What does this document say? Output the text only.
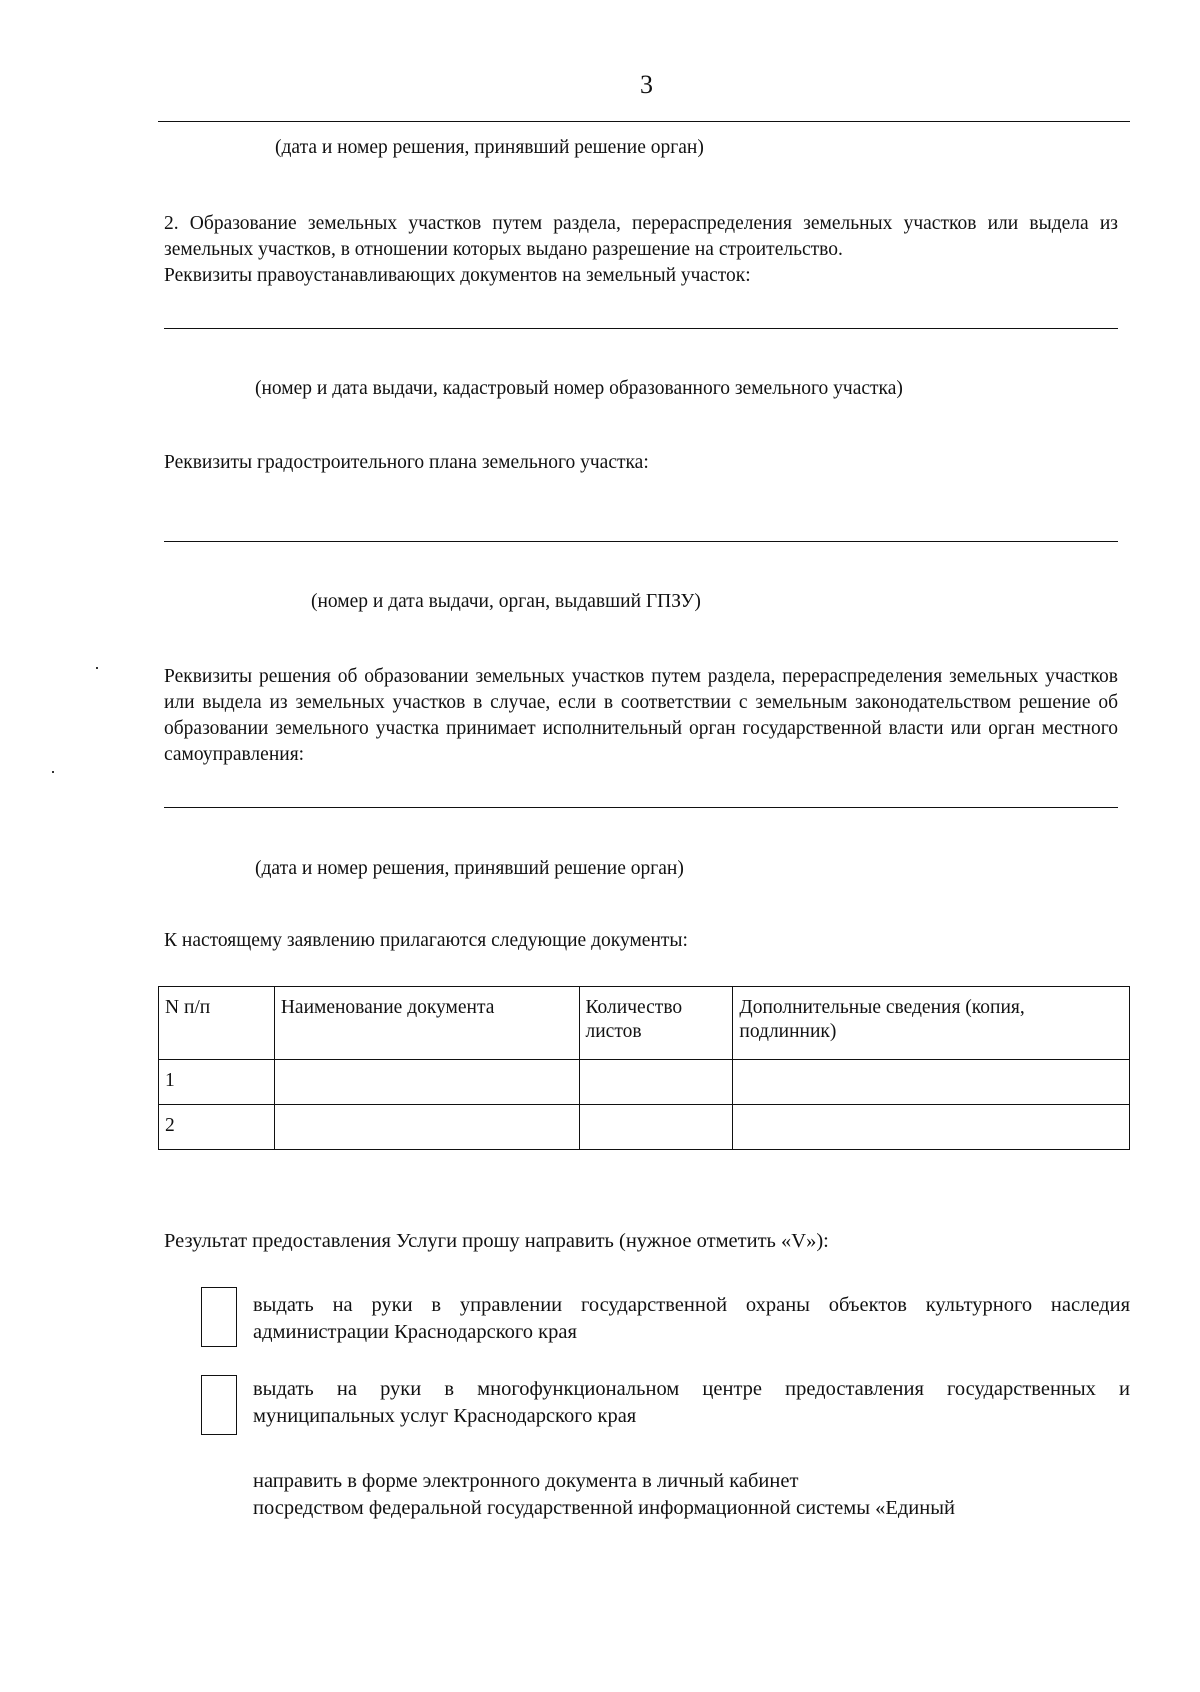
3
(дата и номер решения, принявший решение орган)
2. Образование земельных участков путем раздела, перераспределения земельных участков или выдела из земельных участков, в отношении которых выдано разрешение на строительство.
Реквизиты правоустанавливающих документов на земельный участок:
(номер и дата выдачи, кадастровый номер образованного земельного участка)
Реквизиты градостроительного плана земельного участка:
(номер и дата выдачи, орган, выдавший ГПЗУ)
Реквизиты решения об образовании земельных участков путем раздела, перераспределения земельных участков или выдела из земельных участков в случае, если в соответствии с земельным законодательством решение об образовании земельного участка принимает исполнительный орган государственной власти или орган местного самоуправления:
(дата и номер решения, принявший решение орган)
К настоящему заявлению прилагаются следующие документы:
N п/п	Наименование документа	Количество листов	Дополнительные сведения (копия, подлинник)
1			
2			
Результат предоставления Услуги прошу направить (нужное отметить «V»):
выдать на руки в управлении государственной охраны объектов культурного наследия администрации Краснодарского края
выдать на руки в многофункциональном центре предоставления государственных и муниципальных услуг Краснодарского края
направить в форме электронного документа в личный кабинет
посредством федеральной государственной информационной системы «Единый
